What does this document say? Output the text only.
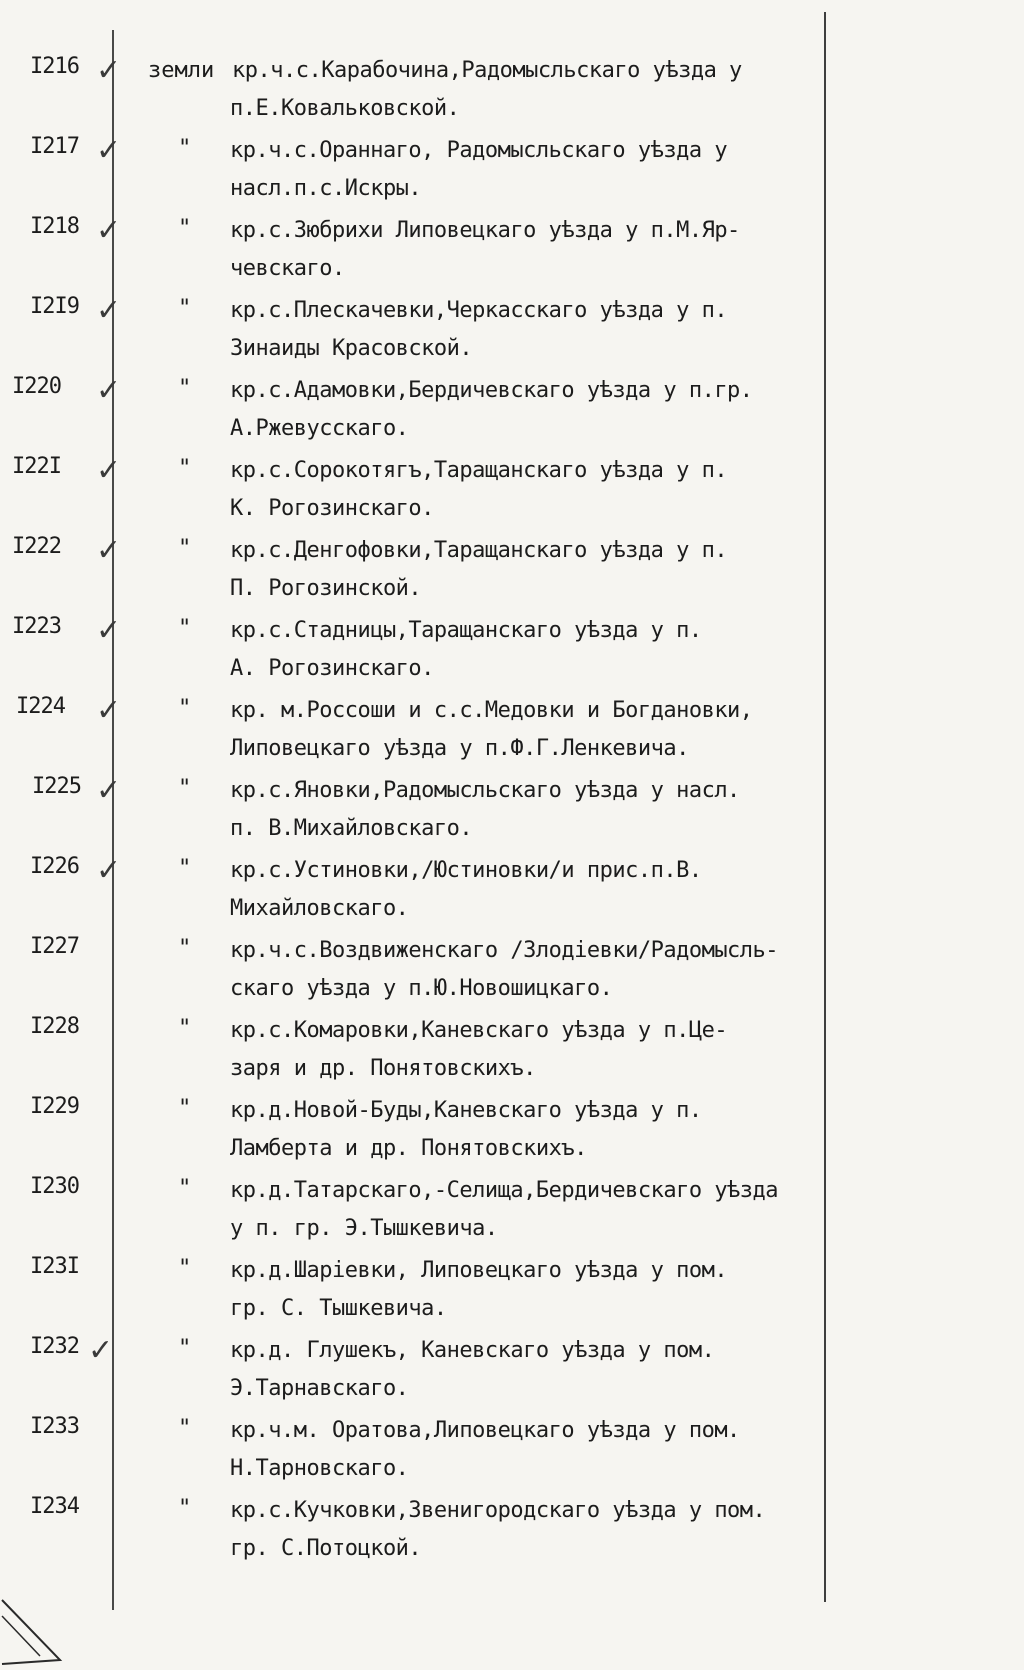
I216 ✓ земли кр.ч.с.Карабочина,Радомысльскаго уѣзда у
п.Е.Ковальковской.
I217 ✓	" кр.ч.с.Ораннаго, Радомысльскаго уѣзда у
насл.п.с.Искры.
I218 ✓	" кр.с.Зюбрихи Липовецкаго уѣзда у п.М.Яр-
чевскаго.
I2I9 ✓	" кр.с.Плескачевки,Черкасскаго уѣзда у п.
Зинаиды Красовской.
I220 ✓	" кр.с.Адамовки,Бердичевскаго уѣзда у п.гр.
А.Ржевусскаго.
I22I ✓	" кр.с.Сорокотягъ,Таращанскаго уѣзда у п.
К. Рогозинскаго.
I222 ✓	" кр.с.Денгофовки,Таращанскаго уѣзда у п.
П. Рогозинской.
I223 ✓	" кр.с.Стадницы,Таращанскаго уѣзда у п.
А. Рогозинскаго.
I224 ✓	" кр. м.Россоши и с.с.Медовки и Богдановки,
Липовецкаго уѣзда у п.Ф.Г.Ленкевича.
I225 ✓	" кр.с.Яновки,Радомысльскаго уѣзда у насл.
п. В.Михайловскаго.
I226 ✓	" кр.с.Устиновки,/Юстиновки/и прис.п.В.
Михайловскаго.
I227	" кр.ч.с.Воздвиженскаго /Злодіевки/Радомысль-
скаго уѣзда у п.Ю.Новошицкаго.
I228	" кр.с.Комаровки,Каневскаго уѣзда у п.Це-
заря и др. Понятовскихъ.
I229	" кр.д.Новой-Буды,Каневскаго уѣзда у п.
Ламберта и др. Понятовскихъ.
I230	" кр.д.Татарскаго,-Селища,Бердичевскаго уѣзда
у п. гр. Э.Тышкевича.
I23I	" кр.д.Шаріевки, Липовецкаго уѣзда у пом.
гр. С. Тышкевича.
I232 ✓	" кр.д. Глушекъ, Каневскаго уѣзда у пом.
Э.Тарнавскаго.
I233	" кр.ч.м. Оратова,Липовецкаго уѣзда у пом.
Н.Тарновскаго.
I234	" кр.с.Кучковки,Звенигородскаго уѣзда у пом.
гр. С.Потоцкой.
